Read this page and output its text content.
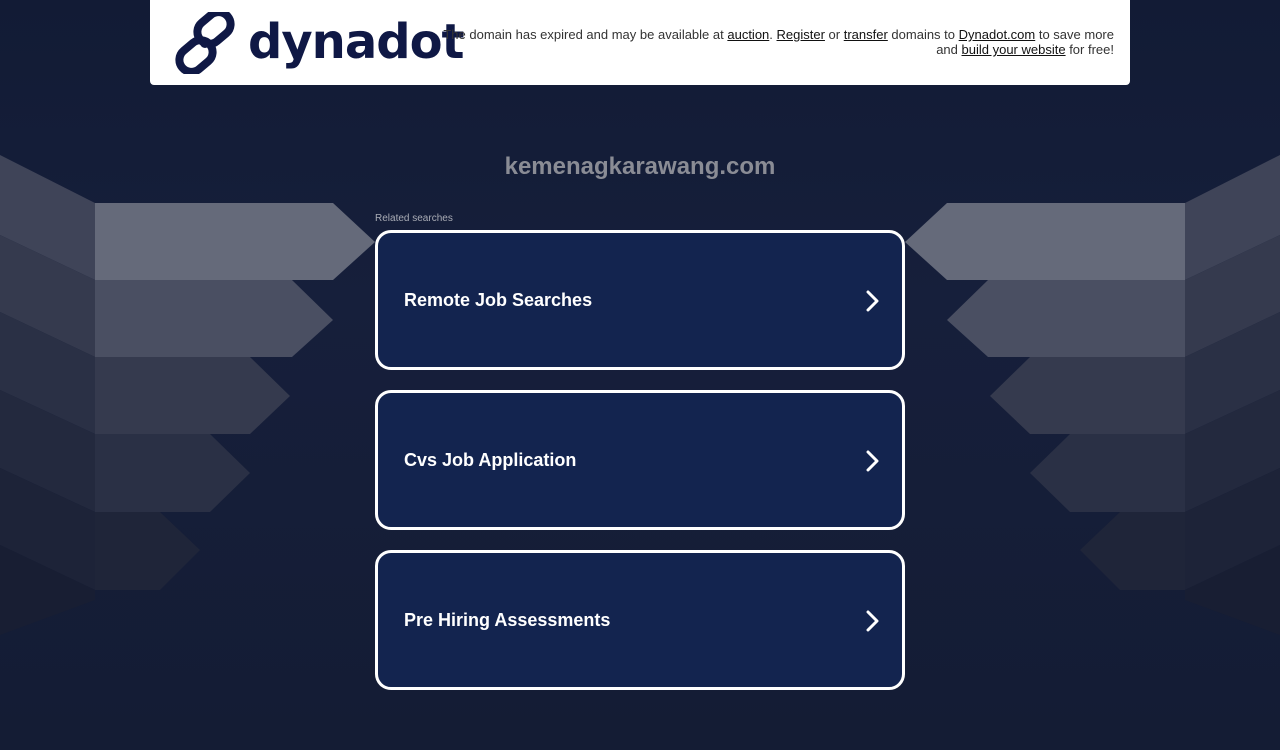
dynadot
The domain has expired and may be available at auction. Register or transfer domains to Dynadot.com to save more and build your website for free!
kemenagkarawang.com
Related searches
Remote Job Searches
Cvs Job Application
Pre Hiring Assessments
